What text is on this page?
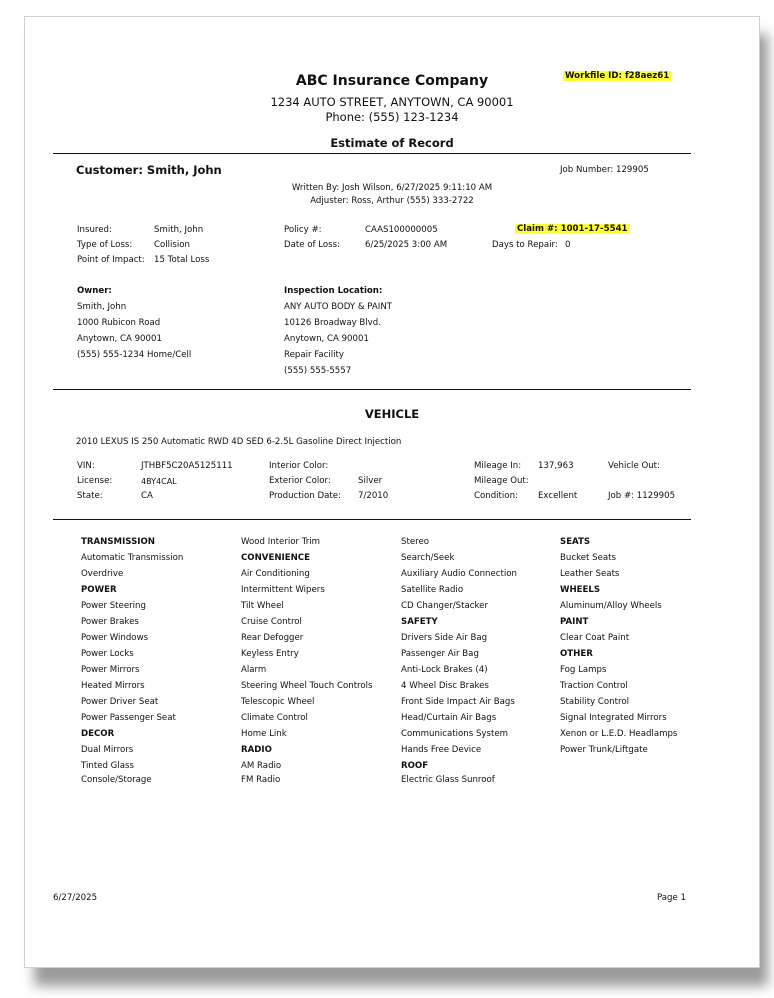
ABC Insurance Company
1234 AUTO STREET, ANYTOWN, CA 90001
Phone: (555) 123-1234
Workfile ID: f28aez61
Estimate of Record
Customer: Smith, John	Job Number: 129905
Written By: Josh Wilson, 6/27/2025 9:11:10 AM
Adjuster: Ross, Arthur (555) 333-2722
Insured:	Smith, John
Type of Loss:	Collision
Point of Impact: 15 Total Loss
Policy #:	CAAS100000005
Date of Loss:	6/25/2025 3:00 AM
Claim #: 1001-17-5541
Days to Repair: 0
Owner:
Smith, John
1000 Rubicon Road
Anytown, CA 90001
(555) 555-1234 Home/Cell
Inspection Location:
ANY AUTO BODY & PAINT
10126 Broadway Blvd.
Anytown, CA 90001
Repair Facility
(555) 555-5557
VEHICLE
2010 LEXUS IS 250 Automatic RWD 4D SED 6-2.5L Gasoline Direct Injection
VIN:	JTHBF5C20A5125111
License:	4BY4CAL
State:	CA
Interior Color:
Exterior Color:	Silver
Production Date: 7/2010
Mileage In: 137,963
Mileage Out:
Condition: Excellent
Vehicle Out:
Job #: 1129905
TRANSMISSION
Automatic Transmission
Overdrive
POWER
Power Steering
Power Brakes
Power Windows
Power Locks
Power Mirrors
Heated Mirrors
Power Driver Seat
Power Passenger Seat
DECOR
Dual Mirrors
Tinted Glass
Console/Storage
Wood Interior Trim
CONVENIENCE
Air Conditioning
Intermittent Wipers
Tilt Wheel
Cruise Control
Rear Defogger
Keyless Entry
Alarm
Steering Wheel Touch Controls
Telescopic Wheel
Climate Control
Home Link
RADIO
AM Radio
FM Radio
Stereo
Search/Seek
Auxiliary Audio Connection
Satellite Radio
CD Changer/Stacker
SAFETY
Drivers Side Air Bag
Passenger Air Bag
Anti-Lock Brakes (4)
4 Wheel Disc Brakes
Front Side Impact Air Bags
Head/Curtain Air Bags
Communications System
Hands Free Device
ROOF
Electric Glass Sunroof
SEATS
Bucket Seats
Leather Seats
WHEELS
Aluminum/Alloy Wheels
PAINT
Clear Coat Paint
OTHER
Fog Lamps
Traction Control
Stability Control
Signal Integrated Mirrors
Xenon or L.E.D. Headlamps
Power Trunk/Liftgate
6/27/2025	Page 1
